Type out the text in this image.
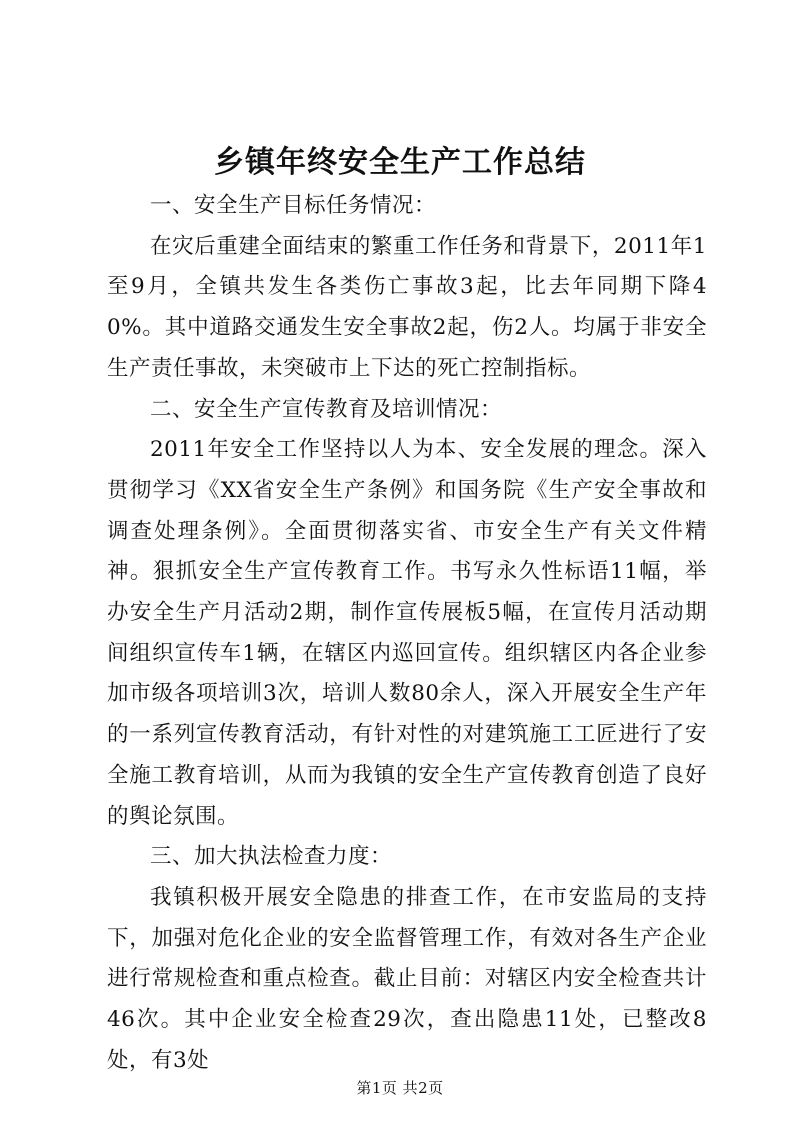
乡镇年终安全生产工作总结

一、安全生产目标任务情况：

在灾后重建全面结束的繁重工作任务和背景下，2011年1至9月，全镇共发生各类伤亡事故3起，比去年同期下降40%。其中道路交通发生安全事故2起，伤2人。均属于非安全生产责任事故，未突破市上下达的死亡控制指标。

二、安全生产宣传教育及培训情况：

2011年安全工作坚持以人为本、安全发展的理念。深入贯彻学习《XX省安全生产条例》和国务院《生产安全事故和调查处理条例》。全面贯彻落实省、市安全生产有关文件精神。狠抓安全生产宣传教育工作。书写永久性标语11幅，举办安全生产月活动2期，制作宣传展板5幅，在宣传月活动期间组织宣传车1辆，在辖区内巡回宣传。组织辖区内各企业参加市级各项培训3次，培训人数80余人，深入开展安全生产年的一系列宣传教育活动，有针对性的对建筑施工工匠进行了安全施工教育培训，从而为我镇的安全生产宣传教育创造了良好的舆论氛围。

三、加大执法检查力度：

我镇积极开展安全隐患的排查工作，在市安监局的支持下，加强对危化企业的安全监督管理工作，有效对各生产企业进行常规检查和重点检查。截止目前：对辖区内安全检查共计46次。其中企业安全检查29次，查出隐患11处，已整改8处，有3处

第1页 共2页
